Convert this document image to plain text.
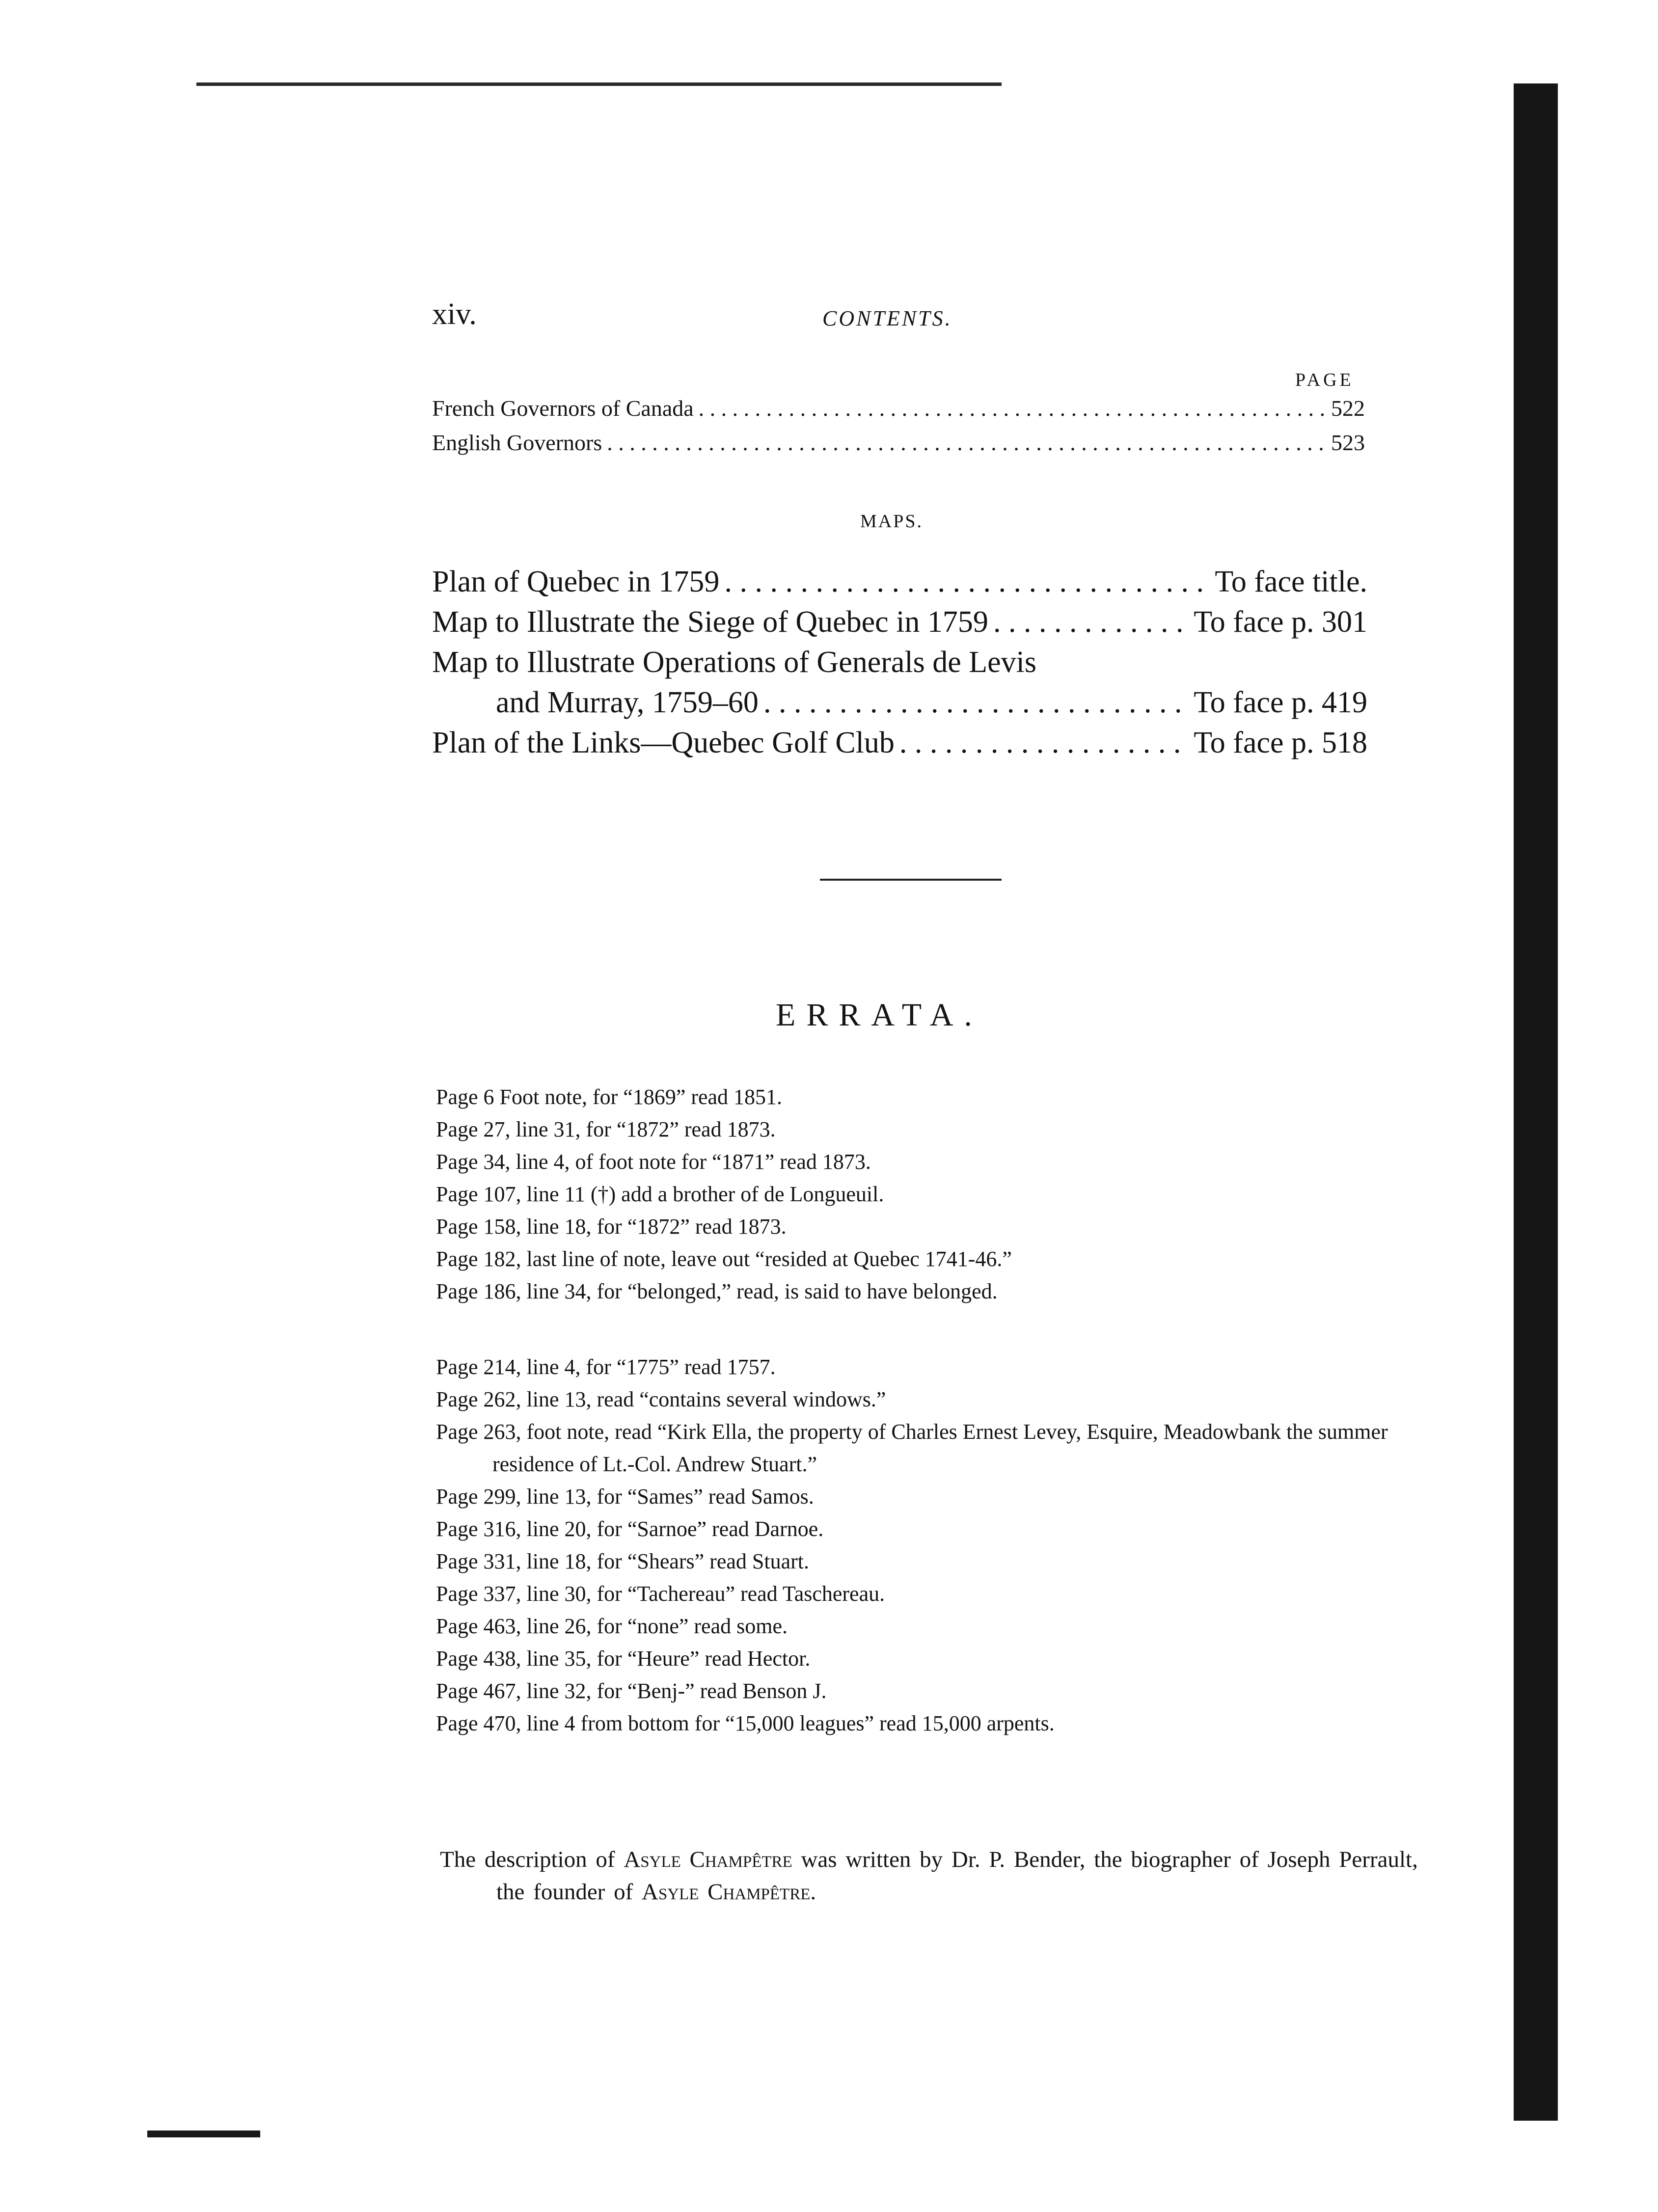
xiv.	CONTENTS.
PAGE
French Governors of Canada . . .	522
English Governors . . .	523
MAPS.
Plan of Quebec in 1759 . . .	To face title.
Map to Illustrate the Siege of Quebec in 1759 . . .	To face p. 301
Map to Illustrate Operations of Generals de Levis
and Murray, 1759–60 . . .	To face p. 419
Plan of the Links—Quebec Golf Club . . .	To face p. 518
ERRATA.
Page 6 Foot note, for “1869” read 1851.
Page 27, line 31, for “1872” read 1873.
Page 34, line 4, of foot note for “1871” read 1873.
Page 107, line 11 (†) add a brother of de Longueuil.
Page 158, line 18, for “1872” read 1873.
Page 182, last line of note, leave out “resided at Quebec 1741-46.”
Page 186, line 34, for “belonged,” read, is said to have belonged.
Page 214, line 4, for “1775” read 1757.
Page 262, line 13, read “contains several windows.”
Page 263, foot note, read “Kirk Ella, the property of Charles Ernest Levey, Esquire, Meadowbank the summer residence of Lt.-Col. Andrew Stuart.”
Page 299, line 13, for “Sames” read Samos.
Page 316, line 20, for “Sarnoe” read Darnoe.
Page 331, line 18, for “Shears” read Stuart.
Page 337, line 30, for “Tachereau” read Taschereau.
Page 463, line 26, for “none” read some.
Page 438, line 35, for “Heure” read Hector.
Page 467, line 32, for “Benj-” read Benson J.
Page 470, line 4 from bottom for “15,000 leagues” read 15,000 arpents.
The description of Asyle Champêtre was written by Dr. P. Bender, the biographer of Joseph Perrault, the founder of Asyle Champêtre.
